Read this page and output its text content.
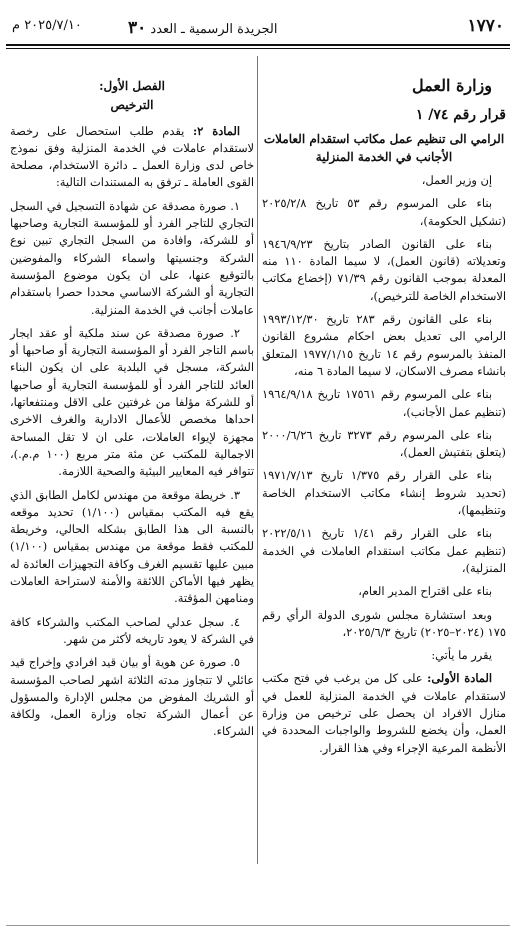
١٧٧٠
الجريدة الرسمية ـ العدد ٣٠
٢٠٢٥/٧/١٠ م
وزارة العمل
قرار رقم ٧٤/ ١
الرامي الى تنظيم عمل مكاتب استقدام العاملات الأجانب في الخدمة المنزلية

إن وزير العمل،

بناء على المرسوم رقم ٥٣ تاريخ ٢٠٢٥/٢/٨ (تشكيل الحكومة)،

بناء على القانون الصادر بتاريخ ١٩٤٦/٩/٢٣ وتعديلاته (قانون العمل)، لا سيما المادة ١١٠ منه المعدلة بموجب القانون رقم ٧١/٣٩ (إخضاع مكاتب الاستخدام الخاصة للترخيص)،

بناء على القانون رقم ٢٨٣ تاريخ ١٩٩٣/١٢/٣٠ الرامي الى تعديل بعض احكام مشروع القانون المنفذ بالمرسوم رقم ١٤ تاريخ ١٩٧٧/١/١٥ المتعلق بانشاء مصرف الاسكان، لا سيما المادة ٦ منه،

بناء على المرسوم رقم ١٧٥٦١ تاريخ ١٩٦٤/٩/١٨ (تنظيم عمل الأجانب)،

بناء على المرسوم رقم ٣٢٧٣ تاريخ ٢٠٠٠/٦/٢٦ (يتعلق بتفتيش العمل)،

بناء على القرار رقم ١/٣٧٥ تاريخ ١٩٧١/٧/١٣ (تحديد شروط إنشاء مكاتب الاستخدام الخاصة وتنظيمها)،

بناء على القرار رقم ١/٤١ تاريخ ٢٠٢٢/٥/١١ (تنظيم عمل مكاتب استقدام العاملات في الخدمة المنزلية)،

بناء على اقتراح المدير العام،

وبعد استشارة مجلس شورى الدولة الرأي رقم ١٧٥ (٢٠٢٤–٢٠٢٥) تاريخ ٢٠٢٥/٦/٣،

يقرر ما يأتي:

المادة الأولى: على كل من يرغب في فتح مكتب لاستقدام عاملات في الخدمة المنزلية للعمل في منازل الافراد ان يحصل على ترخيص من وزارة العمل، وأن يخضع للشروط والواجبات المحددة في الأنظمة المرعية الإجراء وفي هذا القرار.

الفصل الأول:
الترخيص

المادة ٢: يقدم طلب استحصال على رخصة لاستقدام عاملات في الخدمة المنزلية وفق نموذج خاص لدى وزارة العمل ـ دائرة الاستخدام، مصلحة القوى العاملة ـ ترفق به المستندات التالية:

١. صورة مصدقة عن شهادة التسجيل في السجل التجاري للتاجر الفرد أو للمؤسسة التجارية وصاحبها أو للشركة، وافادة من السجل التجاري تبين نوع الشركة وجنسيتها واسماء الشركاء والمفوضين بالتوقيع عنها، على ان يكون موضوع المؤسسة التجارية أو الشركة الاساسي محددا حصرا باستقدام عاملات أجانب في الخدمة المنزلية.

٢. صورة مصدقة عن سند ملكية أو عقد ايجار باسم التاجر الفرد أو المؤسسة التجارية أو صاحبها أو الشركة، مسجل في البلدية على ان يكون البناء العائد للتاجر الفرد أو للمؤسسة التجارية أو صاحبها أو للشركة مؤلفا من غرفتين على الاقل ومنتفعاتها، احداها مخصص للأعمال الادارية والغرف الاخرى مجهزة لإيواء العاملات، على ان لا تقل المساحة الاجمالية للمكتب عن مئة متر مربع (١٠٠ م.م.)، تتوافر فيه المعايير البيئية والصحية اللازمة.

٣. خريطة موقعة من مهندس لكامل الطابق الذي يقع فيه المكتب بمقياس (١/١٠٠) تحديد موقعه بالنسبة الى هذا الطابق بشكله الحالي، وخريطة للمكتب فقط موقعة من مهندس بمقياس (١/١٠٠) مبين عليها تقسيم الغرف وكافة التجهيزات العائدة له يظهر فيها الأماكن اللائقة والأمنة لاستراحة العاملات ومنامهن المؤقتة.

٤. سجل عدلي لصاحب المكتب والشركاء كافة في الشركة لا يعود تاريخه لأكثر من شهر.

٥. صورة عن هوية أو بيان قيد افرادي وإخراج قيد عائلي لا تتجاوز مدته الثلاثة اشهر لصاحب المؤسسة أو الشريك المفوض من مجلس الإدارة والمسؤول عن أعمال الشركة تجاه وزارة العمل، ولكافة الشركاء.
